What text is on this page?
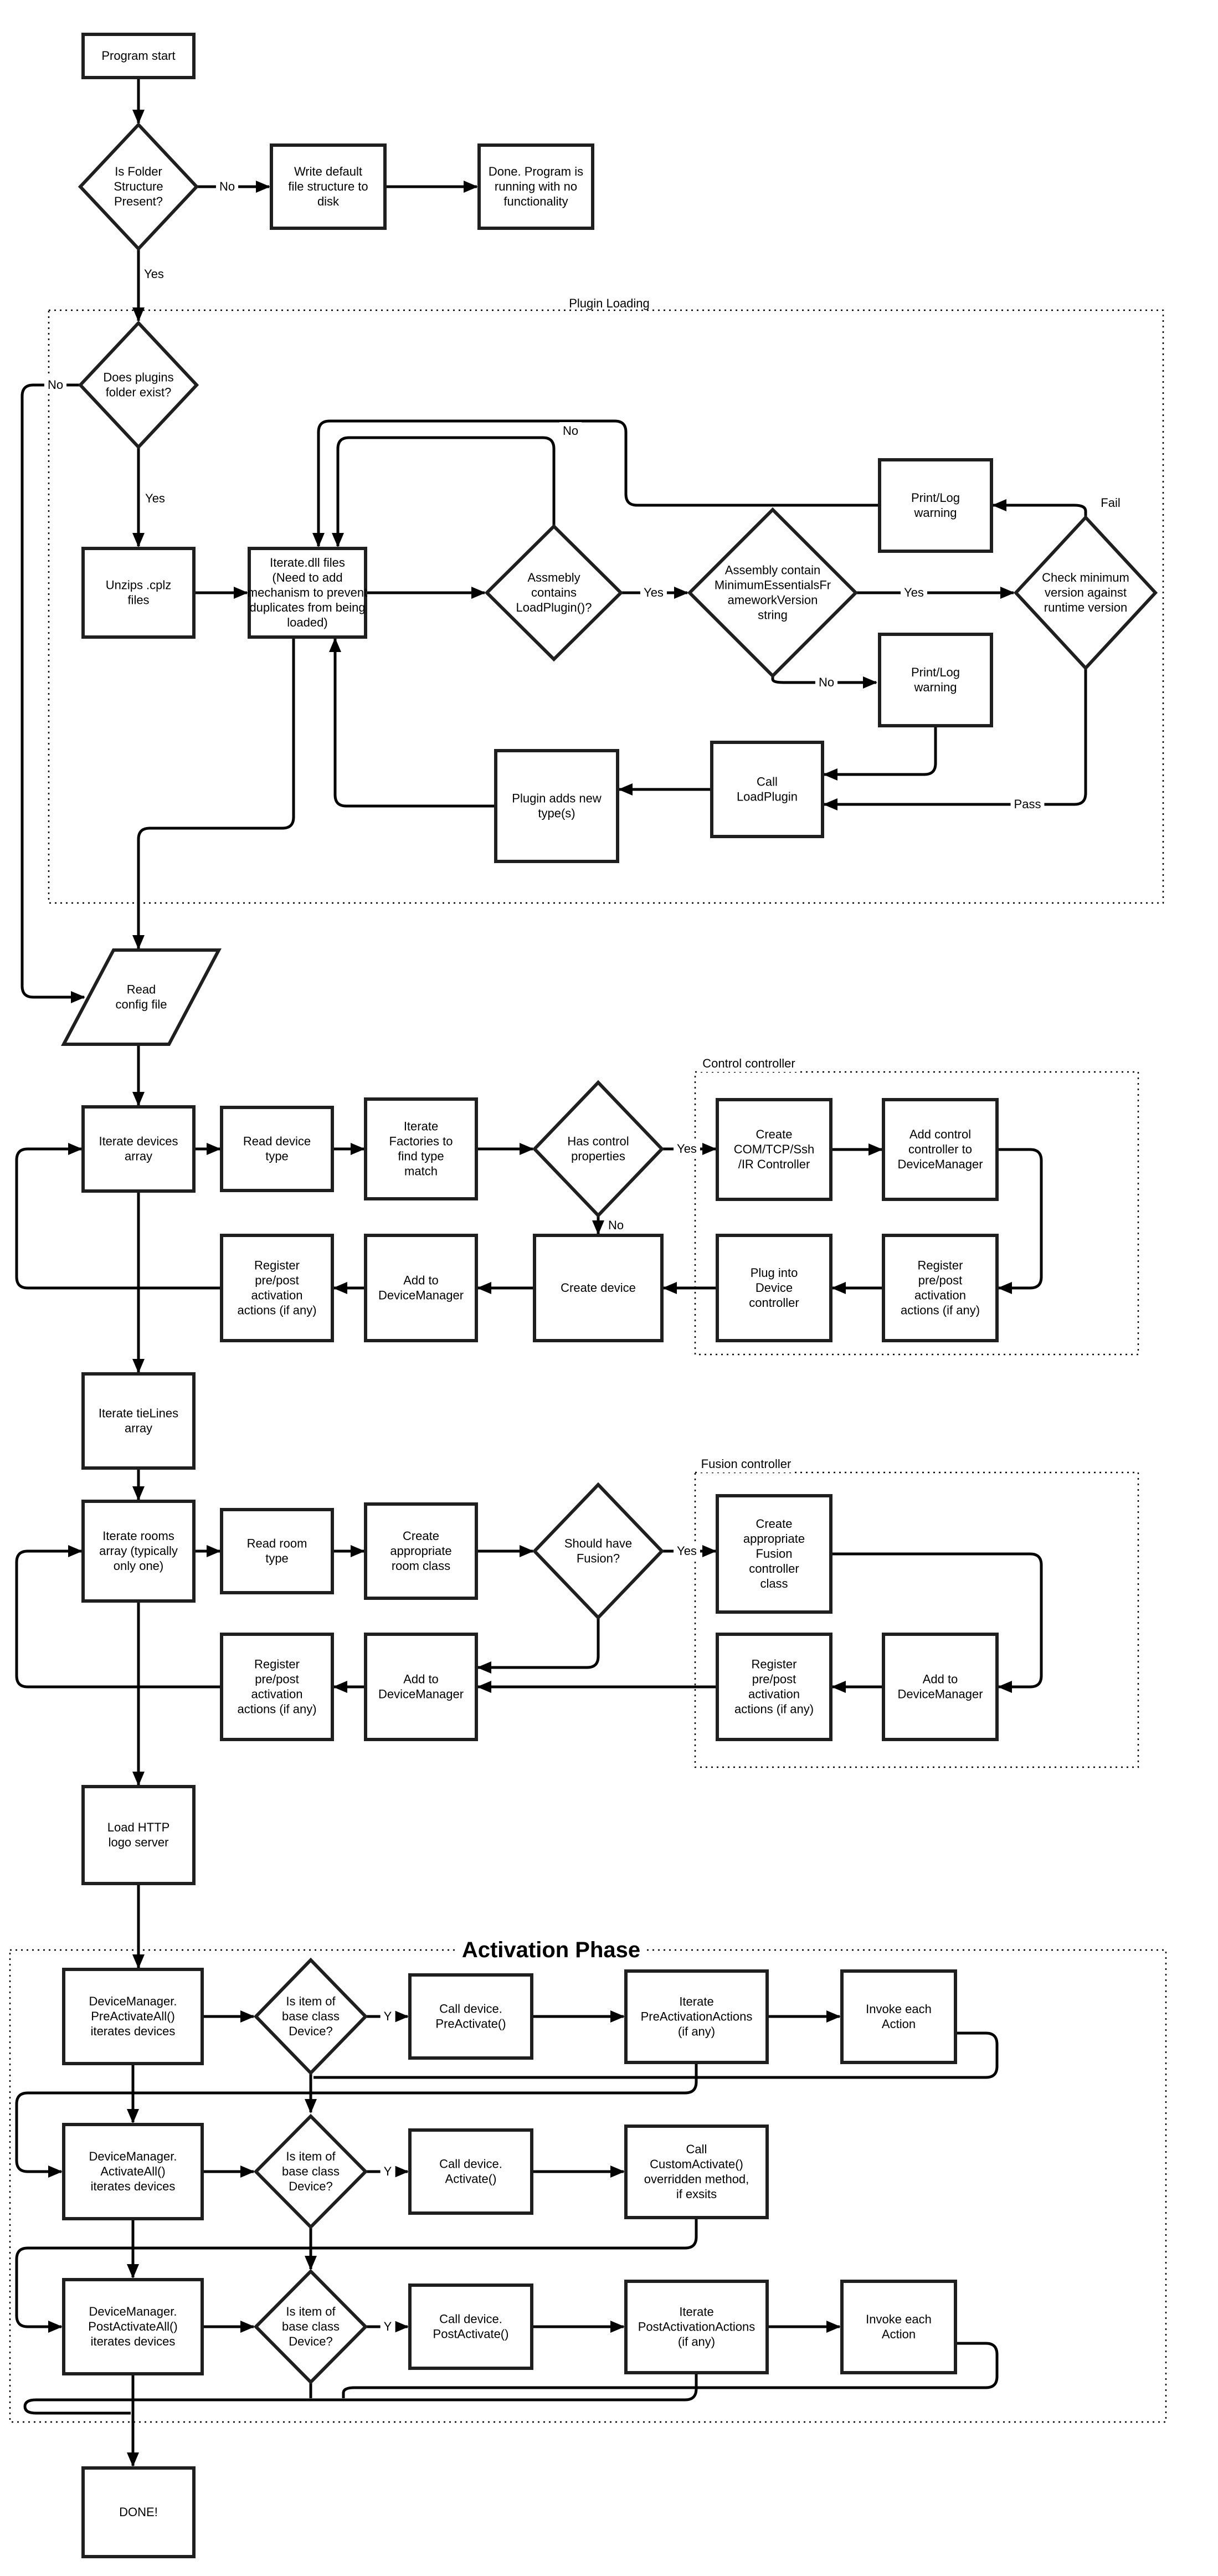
Program start
Is Folder Structure Present?
Write default file structure to disk
Done. Program is running with no functionality
Does plugins folder exist?
Unzips .cplz files
Iterate.dll files (Need to add mechanism to prevent duplicates from being loaded)
Assmebly contains LoadPlugin()?
Assembly contain MinimumEssentialsFr ameworkVersion string
Check minimum version against runtime version
Print/Log warning
Print/Log warning
Call LoadPlugin
Plugin adds new type(s)
Read config file
Iterate devices array
Read device type
Iterate Factories to find type match
Has control properties
Create COM/TCP/Ssh /IR Controller
Add control controller to DeviceManager
Register pre/post activation actions (if any)
Plug into Device controller
Create device
Add to DeviceManager
Register pre/post activation actions (if any)
Iterate tieLines array
Iterate rooms array (typically only one)
Read room type
Create appropriate room class
Should have Fusion?
Create appropriate Fusion controller class
Add to DeviceManager
Register pre/post activation actions (if any)
Add to DeviceManager
Register pre/post activation actions (if any)
Load HTTP logo server
DeviceManager. PreActivateAll() iterates devices
Is item of base class Device?
Call device. PreActivate()
Iterate PreActivationActions (if any)
Invoke each Action
DeviceManager. ActivateAll() iterates devices
Is item of base class Device?
Call device. Activate()
Call CustomActivate() overridden method, if exsits
DeviceManager. PostActivateAll() iterates devices
Is item of base class Device?
Call device. PostActivate()
Iterate PostActivationActions (if any)
Invoke each Action
DONE!
Plugin Loading
No
Yes
No
Yes
No
Yes	Yes
Fail
No
Pass
Control controller
Yes
No
Fusion controller
Yes
Activation Phase
Y
Y
Y
